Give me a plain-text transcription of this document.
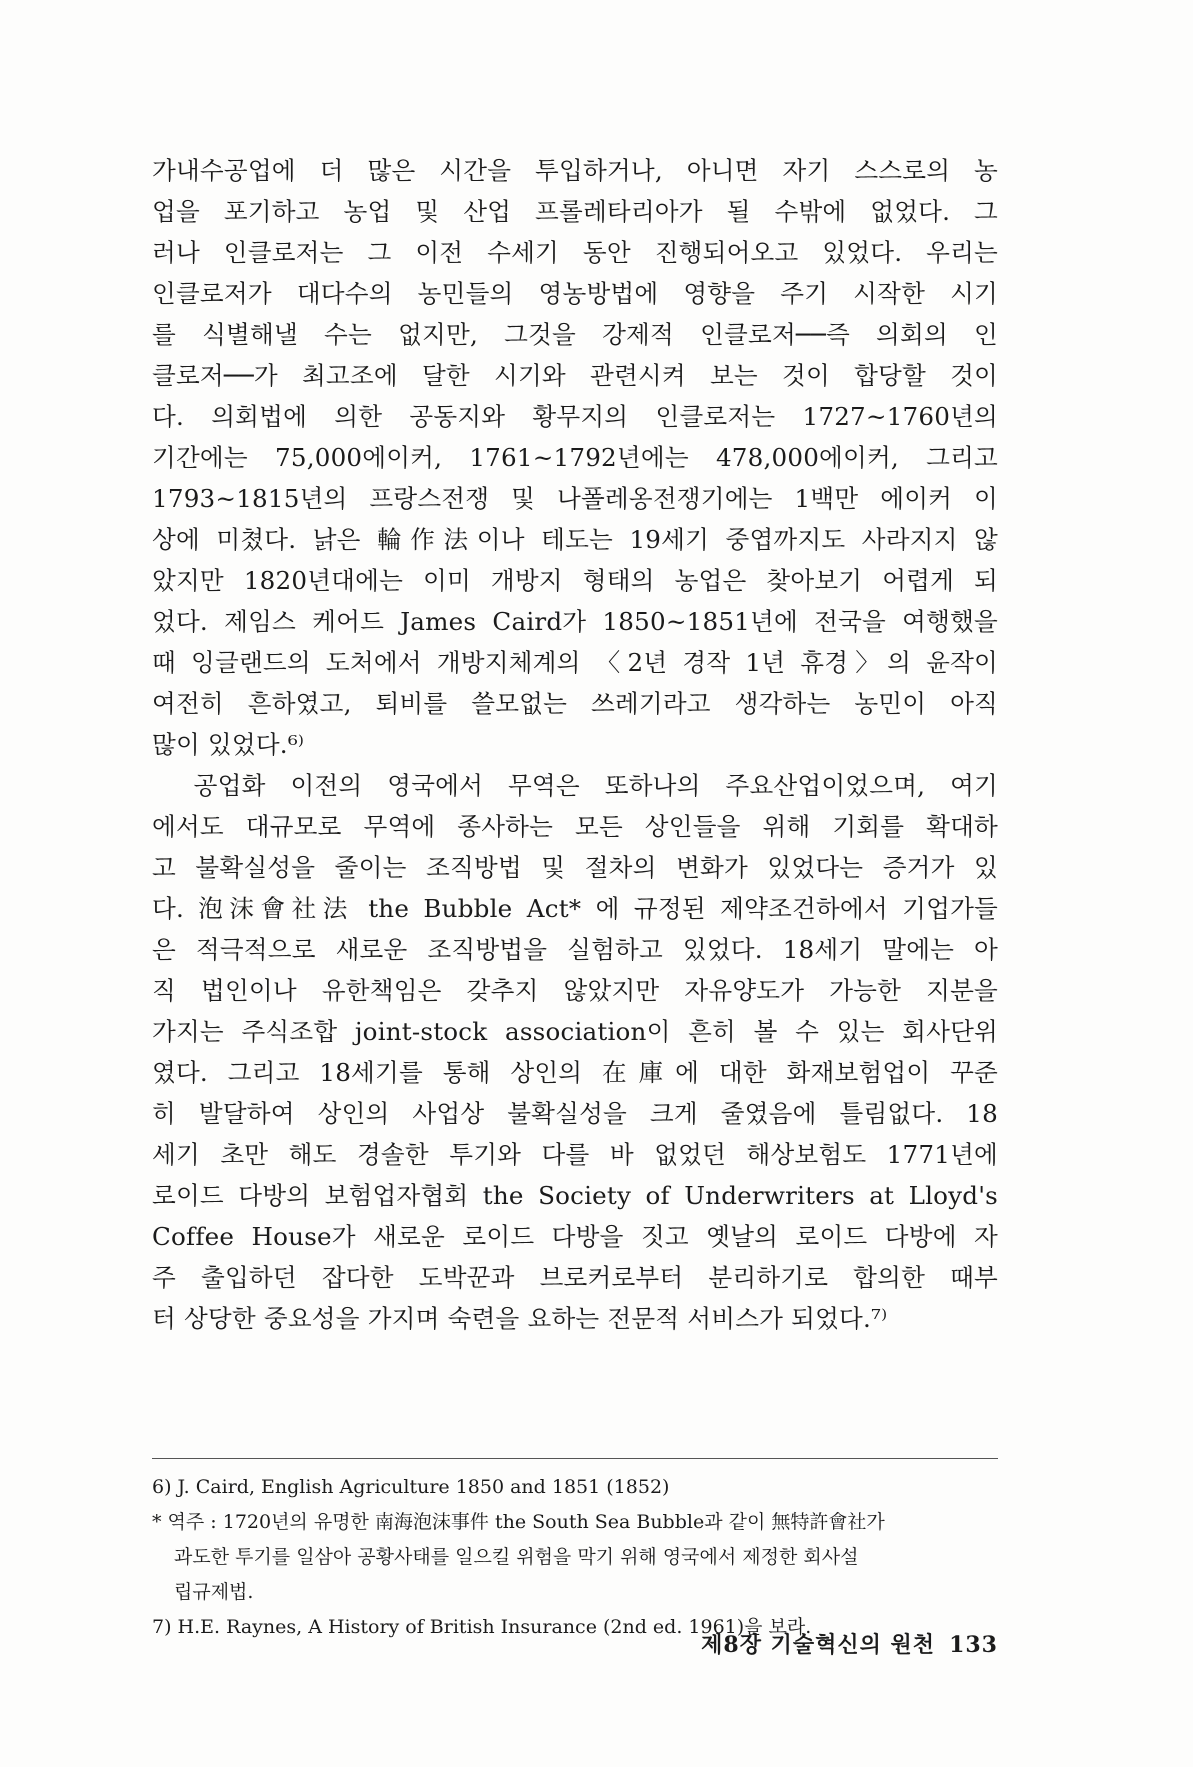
가내수공업에 더 많은 시간을 투입하거나, 아니면 자기 스스로의 농
업을 포기하고 농업 및 산업 프롤레타리아가 될 수밖에 없었다. 그
러나 인클로저는 그 이전 수세기 동안 진행되어오고 있었다. 우리는
인클로저가 대다수의 농민들의 영농방법에 영향을 주기 시작한 시기
를 식별해낼 수는 없지만, 그것을 강제적 인클로저──즉 의회의 인
클로저──가 최고조에 달한 시기와 관련시켜 보는 것이 합당할 것이
다. 의회법에 의한 공동지와 황무지의 인클로저는 1727~1760년의
기간에는 75,000에이커, 1761~1792년에는 478,000에이커, 그리고
1793~1815년의 프랑스전쟁 및 나폴레옹전쟁기에는 1백만 에이커 이
상에 미쳤다. 낡은 輪作法이나 테도는 19세기 중엽까지도 사라지지 않
았지만 1820년대에는 이미 개방지 형태의 농업은 찾아보기 어렵게 되
었다. 제임스 케어드 James Caird가 1850~1851년에 전국을 여행했을
때 잉글랜드의 도처에서 개방지체계의 〈2년 경작 1년 휴경〉의 윤작이
여전히 흔하였고, 퇴비를 쓸모없는 쓰레기라고 생각하는 농민이 아직
많이 있었다.⁶⁾
　공업화 이전의 영국에서 무역은 또하나의 주요산업이었으며, 여기
에서도 대규모로 무역에 종사하는 모든 상인들을 위해 기회를 확대하
고 불확실성을 줄이는 조직방법 및 절차의 변화가 있었다는 증거가 있
다. 泡沫會社法 the Bubble Act* 에 규정된 제약조건하에서 기업가들
은 적극적으로 새로운 조직방법을 실험하고 있었다. 18세기 말에는 아
직 법인이나 유한책임은 갖추지 않았지만 자유양도가 가능한 지분을
가지는 주식조합 joint-stock association이 흔히 볼 수 있는 회사단위
였다. 그리고 18세기를 통해 상인의 在庫에 대한 화재보험업이 꾸준
히 발달하여 상인의 사업상 불확실성을 크게 줄였음에 틀림없다. 18
세기 초만 해도 경솔한 투기와 다를 바 없었던 해상보험도 1771년에
로이드 다방의 보험업자협회 the Society of Underwriters at Lloyd's
Coffee House가 새로운 로이드 다방을 짓고 옛날의 로이드 다방에 자
주 출입하던 잡다한 도박꾼과 브로커로부터 분리하기로 합의한 때부
터 상당한 중요성을 가지며 숙련을 요하는 전문적 서비스가 되었다.⁷⁾
6) J. Caird, English Agriculture 1850 and 1851 (1852)
* 역주 : 1720년의 유명한 南海泡沫事件 the South Sea Bubble과 같이 無特許會社가
과도한 투기를 일삼아 공황사태를 일으킬 위험을 막기 위해 영국에서 제정한 회사설
립규제법.
7) H.E. Raynes, A History of British Insurance (2nd ed. 1961)을 보라.
제8장 기술혁신의 원천 133
